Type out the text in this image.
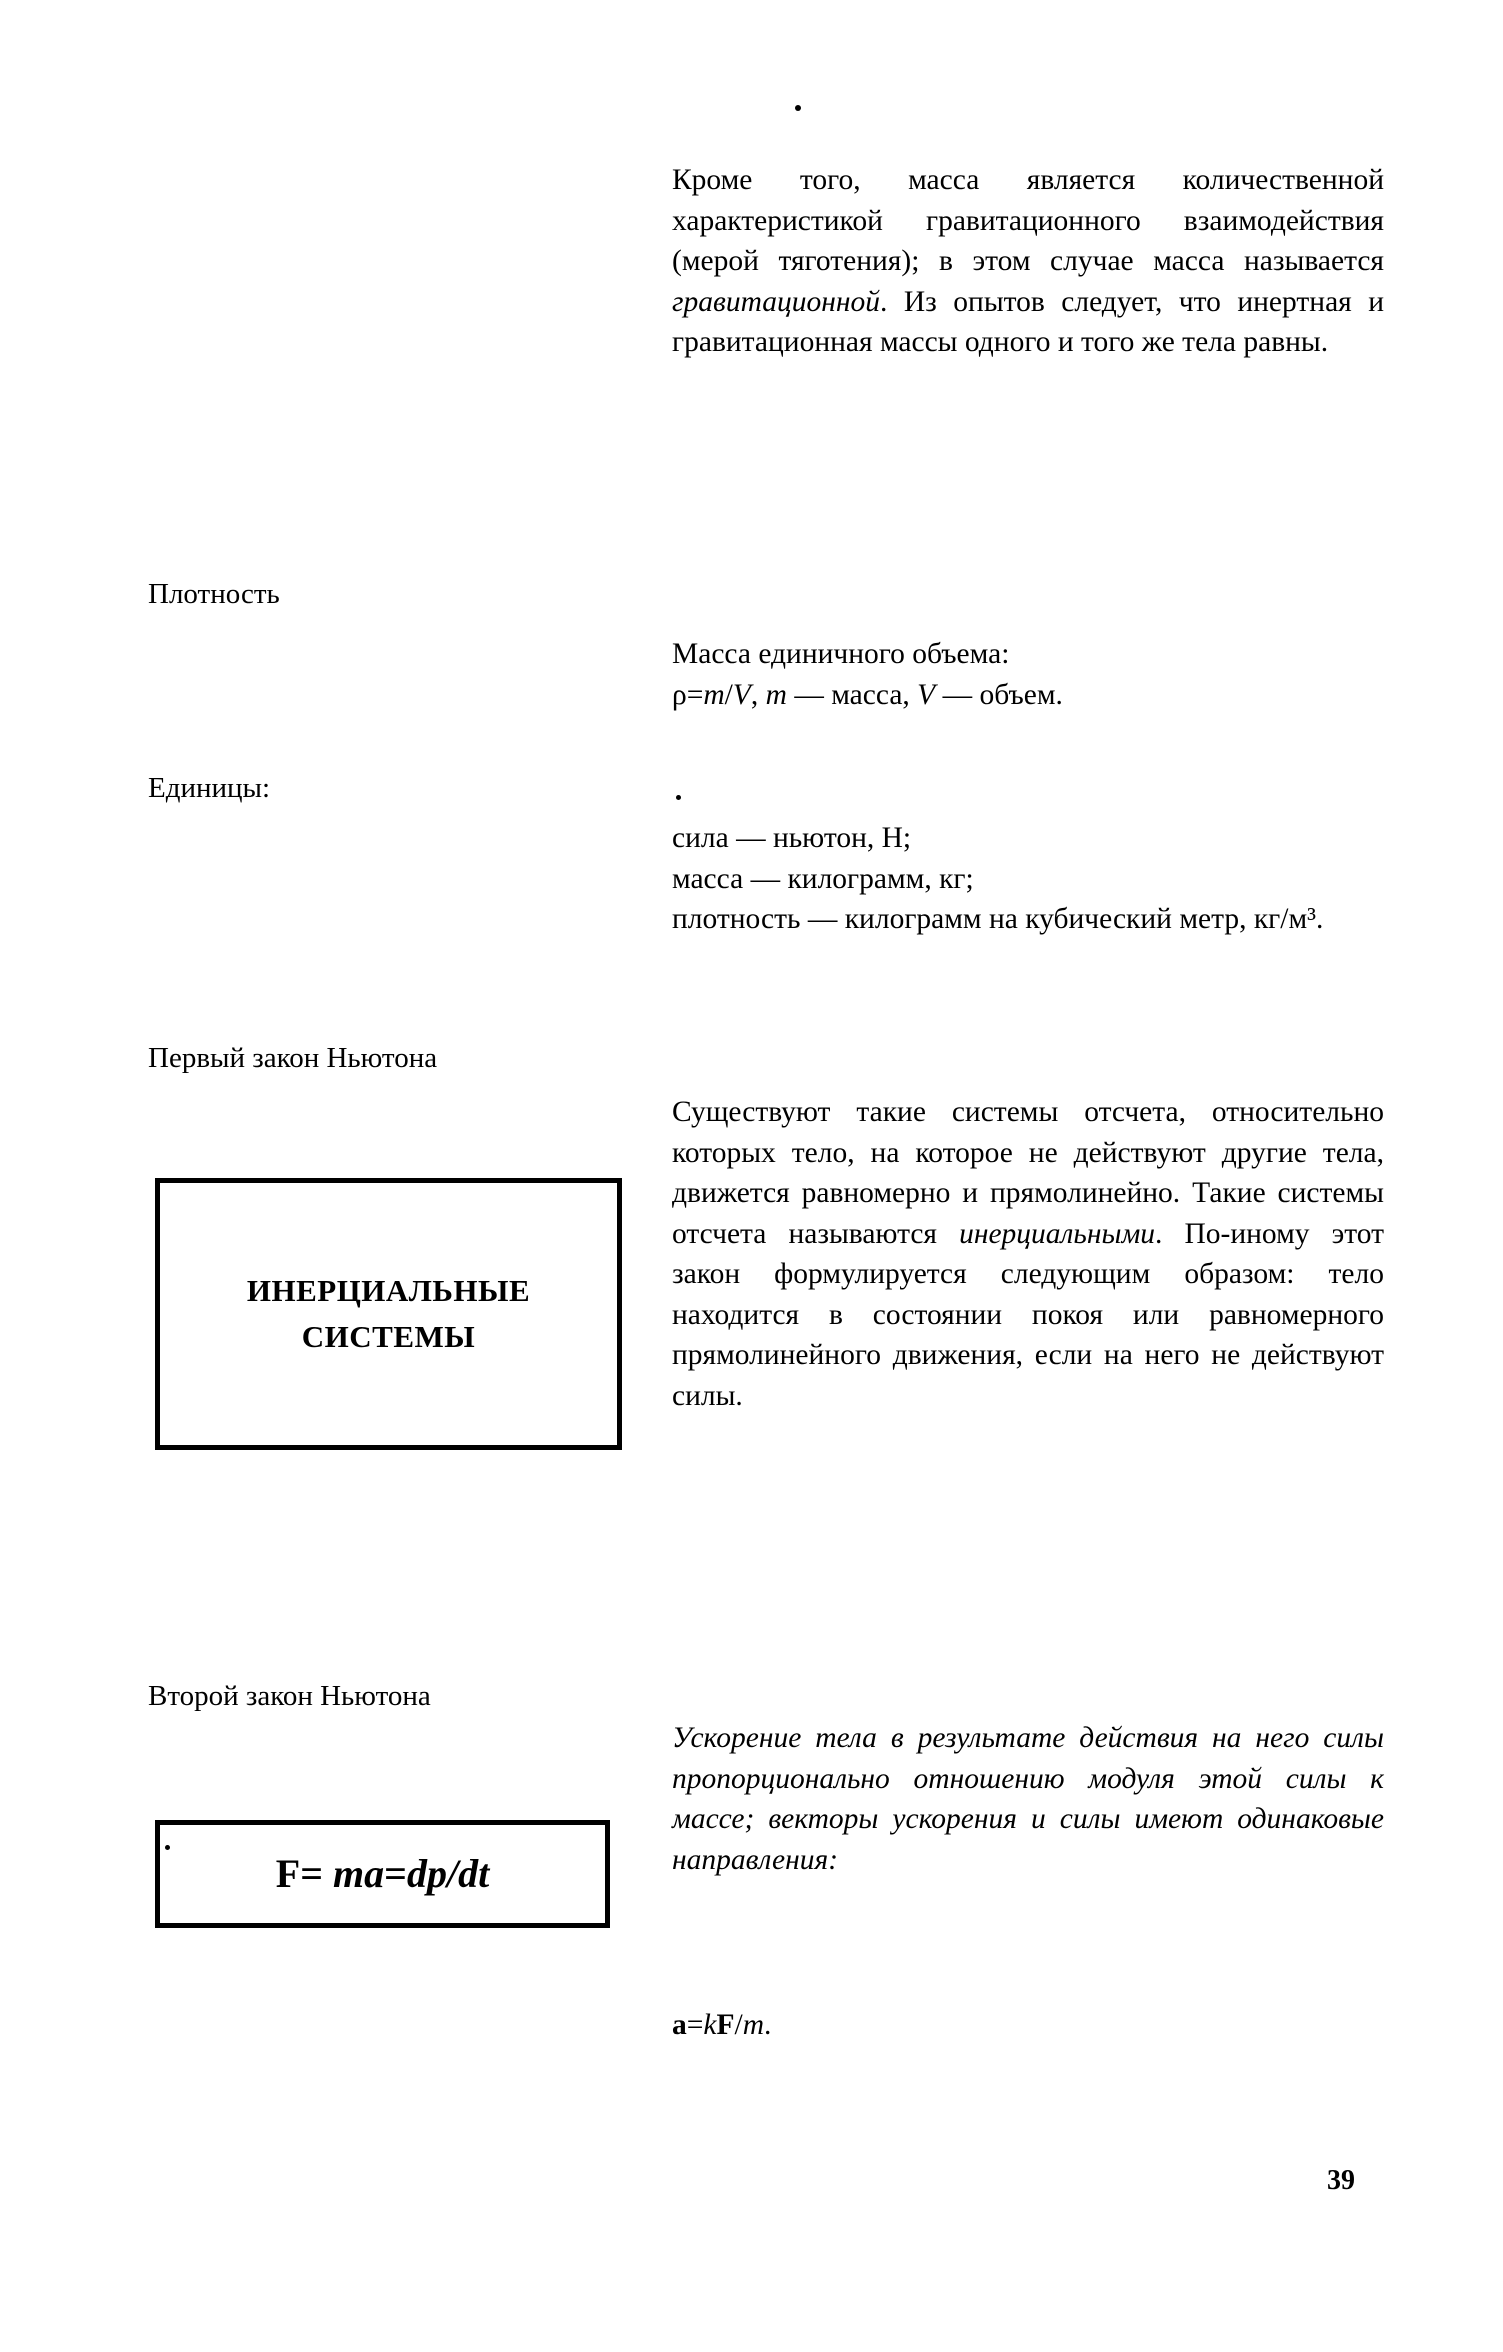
Кроме того, масса является количественной характеристикой гравитационного взаимодействия (мерой тяготения); в этом случае масса называется гравитационной. Из опытов следует, что инертная и гравитационная массы одного и того же тела равны.
Плотность
Масса единичного объема:
ρ=m/V, m — масса, V — объем.
Единицы:
сила — ньютон, Н;
масса — килограмм, кг;
плотность — килограмм на кубический метр, кг/м³.
Первый закон Ньютона
ИНЕРЦИАЛЬНЫЕ
СИСТЕМЫ
Существуют такие системы отсчета, относительно которых тело, на которое не действуют другие тела, движется равномерно и прямолинейно. Такие системы отсчета называются инерциальными. По-иному этот закон формулируется следующим образом: тело находится в состоянии покоя или равномерного прямолинейного движения, если на него не действуют силы.
Второй закон Ньютона
F= ma=dp/dt
Ускорение тела в результате действия на него силы пропорционально отношению модуля этой силы к массе; векторы ускорения и силы имеют одинаковые направления:
a=kF/m.
39
